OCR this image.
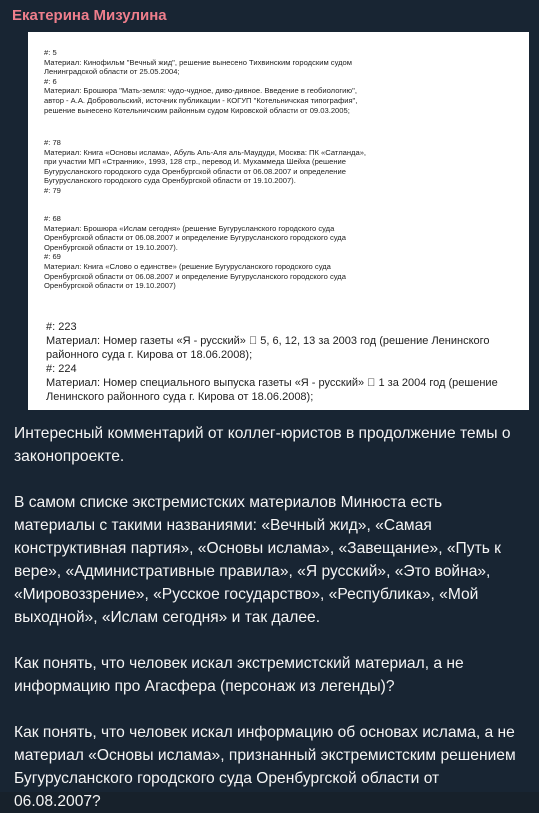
Екатерина Мизулина
#: 5
Материал: Кинофильм "Вечный жид", решение вынесено Тихвинским городским судом
Ленинградской области от 25.05.2004;
#: 6
Материал: Брошюра "Мать-земля: чудо-чудное, диво-дивное. Введение в геобиологию",
автор - А.А. Добровольский, источник публикации - КОГУП "Котельничская типография",
решение вынесено Котельничским районным судом Кировской области от 09.03.2005;
#: 78
Материал: Книга «Основы ислама», Абуль Аль-Аля аль-Маудуди, Москва: ПК «Сатланда»,
при участии МП «Странник», 1993, 128 стр., перевод И. Мухаммеда Шейха (решение
Бугурусланского городского суда Оренбургской области от 06.08.2007 и определение
Бугурусланского городского суда Оренбургской области от 19.10.2007).
#: 79
#: 68
Материал: Брошюра «Ислам сегодня» (решение Бугурусланского городского суда
Оренбургской области от 06.08.2007 и определение Бугурусланского городского суда
Оренбургской области от 19.10.2007).
#: 69
Материал: Книга «Слово о единстве» (решение Бугурусланского городского суда
Оренбургской области от 06.08.2007 и определение Бугурусланского городского суда
Оренбургской области от 19.10.2007)
#: 223
Материал: Номер газеты «Я - русский» ⃞ 5, 6, 12, 13 за 2003 год (решение Ленинского
районного суда г. Кирова от 18.06.2008);
#: 224
Материал: Номер специального выпуска газеты «Я - русский» ⃞ 1 за 2004 год (решение
Ленинского районного суда г. Кирова от 18.06.2008);

Интересный комментарий от коллег-юристов в продолжение темы о законопроекте.

В самом списке экстремистских материалов Минюста есть материалы с такими названиями: «Вечный жид», «Самая конструктивная партия», «Основы ислама», «Завещание», «Путь к вере», «Административные правила», «Я русский», «Это война», «Мировоззрение», «Русское государство», «Республика», «Мой выходной», «Ислам сегодня» и так далее.

Как понять, что человек искал экстремистский материал, а не информацию про Агасфера (персонаж из легенды)?

Как понять, что человек искал информацию об основах ислама, а не материал «Основы ислама», признанный экстремистским решением Бугурусланского городского суда Оренбургской области от 06.08.2007?
